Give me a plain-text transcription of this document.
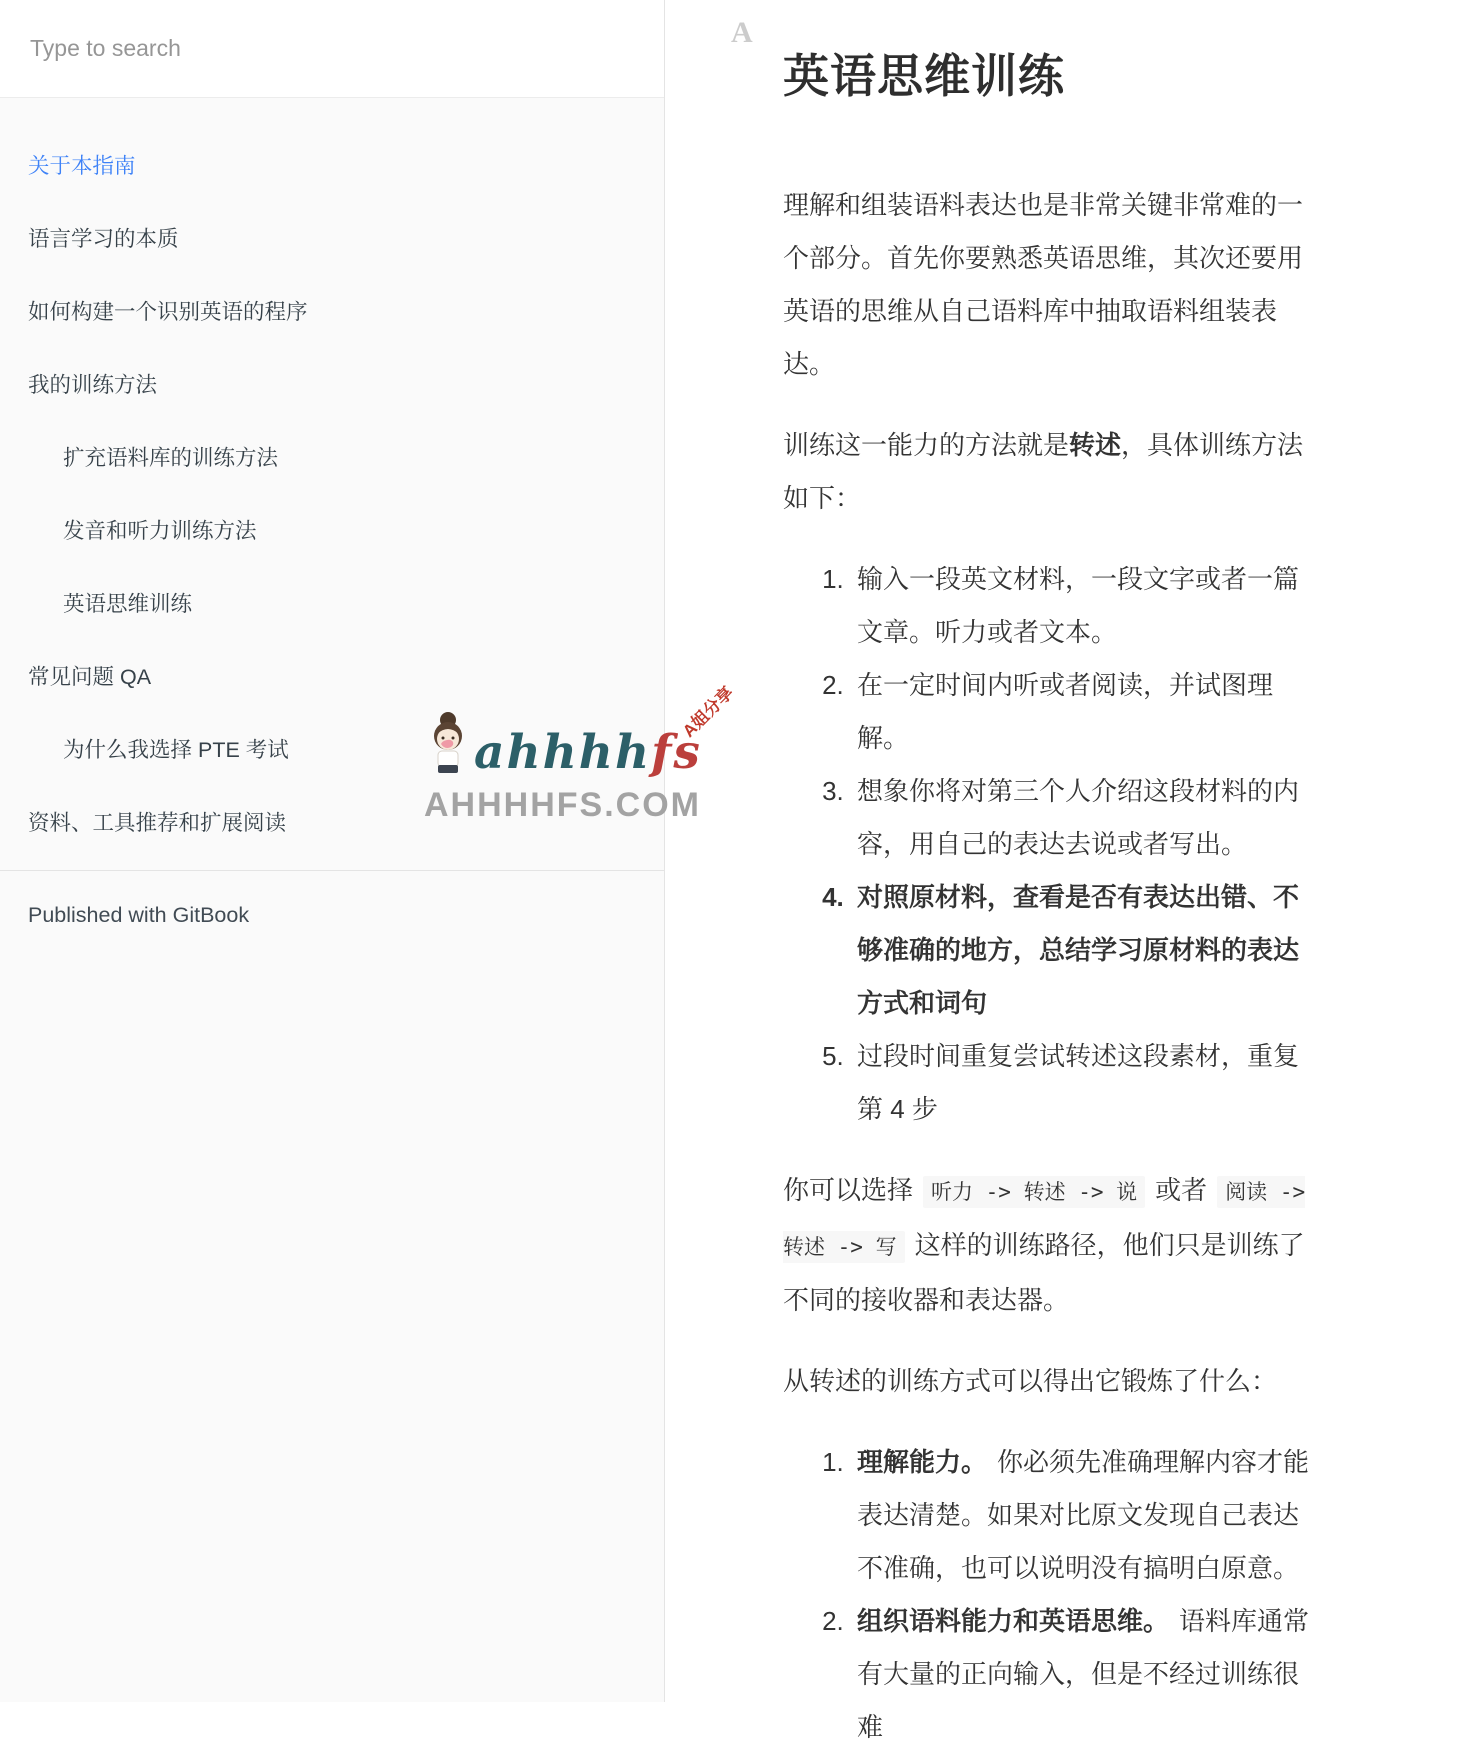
Type to search
关于本指南
语言学习的本质
如何构建一个识别英语的程序
我的训练方法
扩充语料库的训练方法
发音和听力训练方法
英语思维训练
常见问题 QA
为什么我选择 PTE 考试
资料、工具推荐和扩展阅读
Published with GitBook
A
英语思维训练

理解和组装语料表达也是非常关键非常难的一个部分。首先你要熟悉英语思维，其次还要用英语的思维从自己语料库中抽取语料组装表达。

训练这一能力的方法就是转述，具体训练方法如下：

1. 输入一段英文材料，一段文字或者一篇文章。听力或者文本。
2. 在一定时间内听或者阅读，并试图理解。
3. 想象你将对第三个人介绍这段材料的内容，用自己的表达去说或者写出。
4. 对照原材料，查看是否有表达出错、不够准确的地方，总结学习原材料的表达方式和词句
5. 过段时间重复尝试转述这段素材，重复第 4 步

你可以选择 听力 -> 转述 -> 说 或者 阅读 -> 转述 -> 写 这样的训练路径，他们只是训练了不同的接收器和表达器。

从转述的训练方式可以得出它锻炼了什么：

1. 理解能力。 你必须先准确理解内容才能表达清楚。如果对比原文发现自己表达不准确，也可以说明没有搞明白原意。
2. 组织语料能力和英语思维。 语料库通常有大量的正向输入，但是不经过训练很难
ahhhhfs
A姐分享
AHHHHFS.COM
